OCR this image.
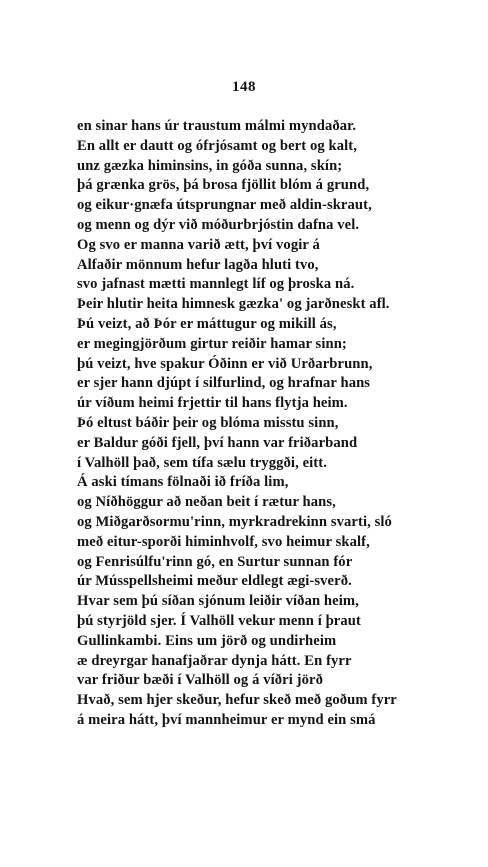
148
en sinar hans úr traustum málmi myndaðar.
En allt er dautt og ófrjósamt og bert og kalt,
unz gæzka himinsins, in góða sunna, skín;
þá grænka grös, þá brosa fjöllit blóm á grund,
og eikur·gnæfa útsprungnar með aldin-skraut,
og menn og dýr við móðurbrjóstin dafna vel.
Og svo er manna varið ætt, því vogir á
Alfaðir mönnum hefur lagða hluti tvo,
svo jafnast mætti mannlegt líf og þroska ná.
Þeir hlutir heita himnesk gæzka' og jarðneskt afl.
Þú veizt, að Þór er máttugur og mikill ás,
er megingjörðum girtur reiðir hamar sinn;
þú veizt, hve spakur Óðinn er við Urðarbrunn,
er sjer hann djúpt í silfurlind, og hrafnar hans
úr víðum heimi frjettir til hans flytja heim.
Þó eltust báðir þeir og blóma misstu sinn,
er Baldur góði fjell, því hann var friðarband
í Valhöll það, sem tífa sælu tryggði, eitt.
Á aski tímans fölnaði ið fríða lim,
og Níðhöggur að neðan beit í rætur hans,
og Miðgarðsormu'rinn, myrkradrekinn svarti, sló
með eitur-sporði himinhvolf, svo heimur skalf,
og Fenrisúlfu'rinn gó, en Surtur sunnan fór
úr Músspellsheimi meður eldlegt ægi-sverð.
Hvar sem þú síðan sjónum leiðir víðan heim,
þú styrjöld sjer. Í Valhöll vekur menn í þraut
Gullinkambi. Eins um jörð og undirheim
æ dreyrgar hanafjaðrar dynja hátt. En fyrr
var friður bæði í Valhöll og á víðri jörð
Hvað, sem hjer skeður, hefur skeð með goðum fyrr
á meira hátt, því mannheimur er mynd ein smá
